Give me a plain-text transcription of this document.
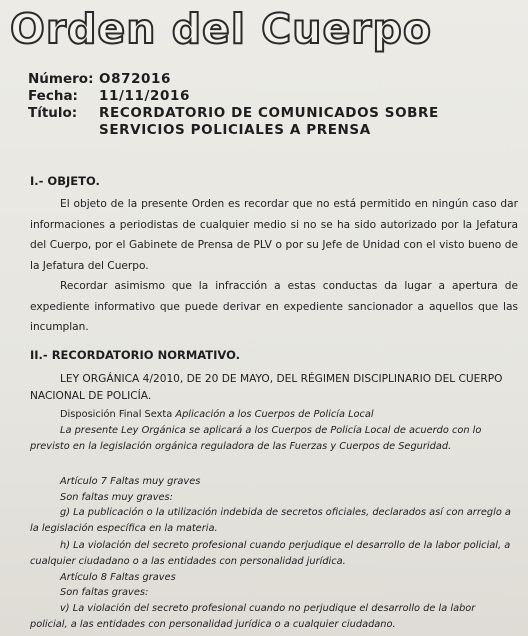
Orden del Cuerpo
Número: O872016
Fecha:	11/11/2016
Título:	RECORDATORIO DE COMUNICADOS SOBRE SERVICIOS POLICIALES A PRENSA
I.- OBJETO.
El objeto de la presente Orden es recordar que no está permitido en ningún caso dar informaciones a periodistas de cualquier medio si no se ha sido autorizado por la Jefatura del Cuerpo, por el Gabinete de Prensa de PLV o por su Jefe de Unidad con el visto bueno de la Jefatura del Cuerpo.
Recordar asimismo que la infracción a estas conductas da lugar a apertura de expediente informativo que puede derivar en expediente sancionador a aquellos que las incumplan.
II.- RECORDATORIO NORMATIVO.
LEY ORGÁNICA 4/2010, DE 20 DE MAYO, DEL RÉGIMEN DISCIPLINARIO DEL CUERPO NACIONAL DE POLICÍA.
Disposición Final Sexta Aplicación a los Cuerpos de Policía Local
La presente Ley Orgánica se aplicará a los Cuerpos de Policía Local de acuerdo con lo previsto en la legislación orgánica reguladora de las Fuerzas y Cuerpos de Seguridad.
Artículo 7 Faltas muy graves
Son faltas muy graves:
g) La publicación o la utilización indebida de secretos oficiales, declarados así con arreglo a la legislación específica en la materia.
h) La violación del secreto profesional cuando perjudique el desarrollo de la labor policial, a cualquier ciudadano o a las entidades con personalidad jurídica.
Artículo 8 Faltas graves
Son faltas graves:
v) La violación del secreto profesional cuando no perjudique el desarrollo de la labor policial, a las entidades con personalidad jurídica o a cualquier ciudadano.
